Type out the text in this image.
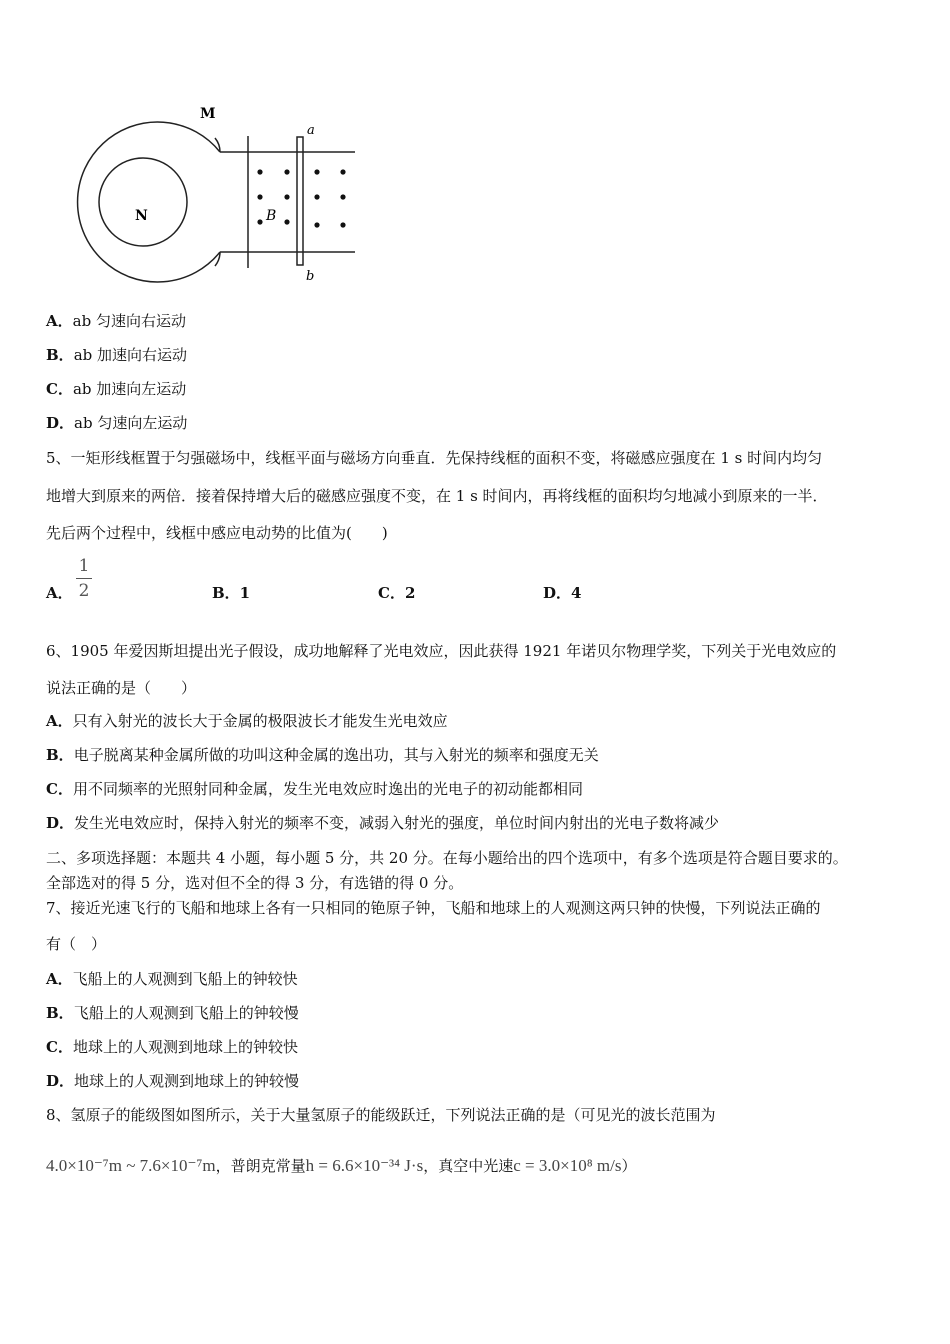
M
N	B
a
b
A．ab 匀速向右运动
B．ab 加速向右运动
C．ab 加速向左运动
D．ab 匀速向左运动
5、一矩形线框置于匀强磁场中，线框平面与磁场方向垂直．先保持线框的面积不变，将磁感应强度在 1 s 时间内均匀
地增大到原来的两倍．接着保持增大后的磁感应强度不变，在 1 s 时间内，再将线框的面积均匀地减小到原来的一半．
先后两个过程中，线框中感应电动势的比值为(　　)
A．
1
2	B．1	C．2	D．4
6、1905 年爱因斯坦提出光子假设，成功地解释了光电效应，因此获得 1921 年诺贝尔物理学奖，下列关于光电效应的
说法正确的是（　　）
A．只有入射光的波长大于金属的极限波长才能发生光电效应
B．电子脱离某种金属所做的功叫这种金属的逸出功，其与入射光的频率和强度无关
C．用不同频率的光照射同种金属，发生光电效应时逸出的光电子的初动能都相同
D．发生光电效应时，保持入射光的频率不变，减弱入射光的强度，单位时间内射出的光电子数将减少
二、多项选择题：本题共 4 小题，每小题 5 分，共 20 分。在每小题给出的四个选项中，有多个选项是符合题目要求的。
全部选对的得 5 分，选对但不全的得 3 分，有选错的得 0 分。
7、接近光速飞行的飞船和地球上各有一只相同的铯原子钟，飞船和地球上的人观测这两只钟的快慢，下列说法正确的
有（　）
A．飞船上的人观测到飞船上的钟较快
B．飞船上的人观测到飞船上的钟较慢
C．地球上的人观测到地球上的钟较快
D．地球上的人观测到地球上的钟较慢
8、氢原子的能级图如图所示，关于大量氢原子的能级跃迁，下列说法正确的是（可见光的波长范围为
4.0×10⁻⁷m ~ 7.6×10⁻⁷m，普朗克常量h = 6.6×10⁻³⁴ J·s，真空中光速c = 3.0×10⁸ m/s）
